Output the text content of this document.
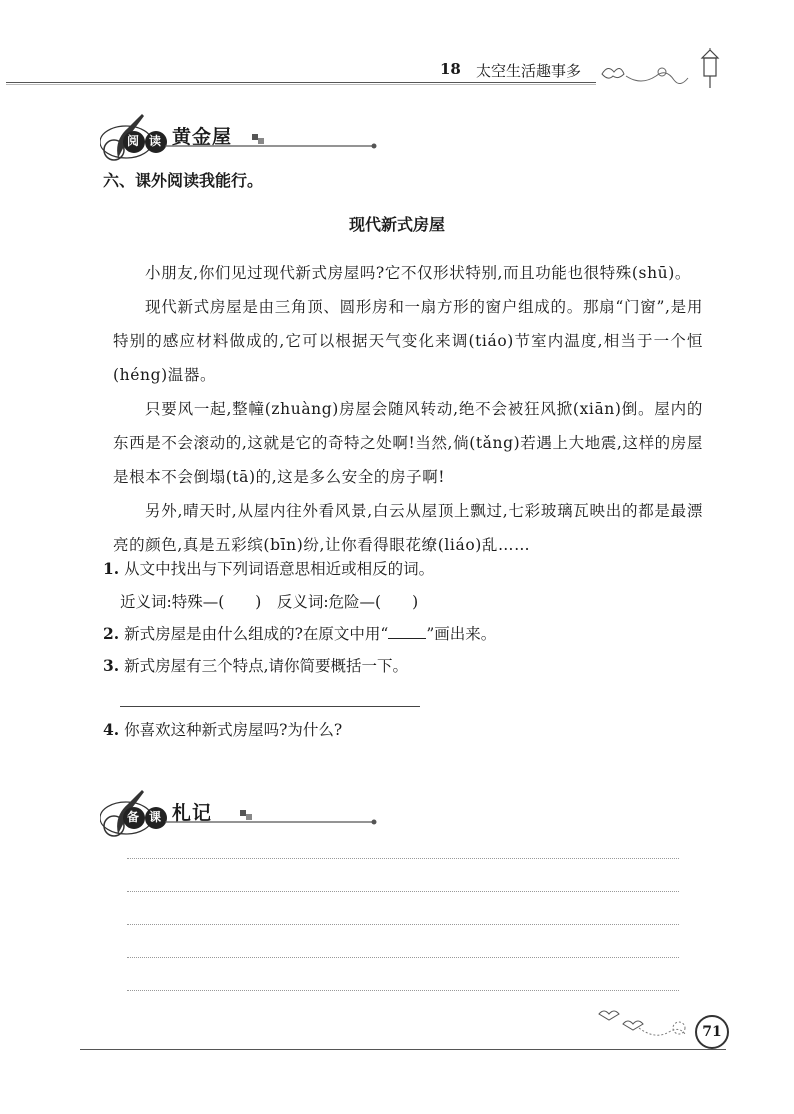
18 太空生活趣事多
阅 读 黄金屋
六、课外阅读我能行。
现代新式房屋

小朋友,你们见过现代新式房屋吗?它不仅形状特别,而且功能也很特殊(shū)。

现代新式房屋是由三角顶、圆形房和一扇方形的窗户组成的。那扇“门窗”,是用特别的感应材料做成的,它可以根据天气变化来调(tiáo)节室内温度,相当于一个恒(héng)温器。

只要风一起,整幢(zhuàng)房屋会随风转动,绝不会被狂风掀(xiān)倒。屋内的东西是不会滚动的,这就是它的奇特之处啊!当然,倘(tǎng)若遇上大地震,这样的房屋是根本不会倒塌(tā)的,这是多么安全的房子啊!

另外,晴天时,从屋内往外看风景,白云从屋顶上飘过,七彩玻璃瓦映出的都是最漂亮的颜色,真是五彩缤(bīn)纷,让你看得眼花缭(liáo)乱……

1. 从文中找出与下列词语意思相近或相反的词。
近义词:特殊—(　　)　反义词:危险—(　　)
2. 新式房屋是由什么组成的?在原文中用“ ”画出来。
3. 新式房屋有三个特点,请你简要概括一下。
4. 你喜欢这种新式房屋吗?为什么?
备 课 札记
71
